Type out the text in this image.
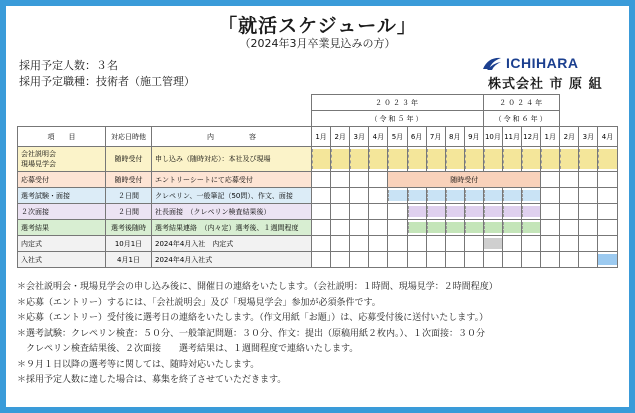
「就活スケジュール」
（2024年3月卒業見込みの方）
採用予定人数：３名
採用予定職種：技術者（施工管理）
ICHIHARA
株式会社 市 原 組
			２０２３年									２０２４年						
			（令和５年）									（令和６年）						
項　　目	対応日時他	内　　　　　容	1月	2月	3月	4月	5月	6月	7月	8月	9月	10月	11月	12月	1月	2月	3月	4月

会社説明会
現場見学会	随時受付	申し込み（随時対応）：本社及び現場	

応募受付	随時受付	エントリーシートにて応募受付					随時受付											

選考試験・面接	２日間	クレペリン、一般筆記（50問）、作文、面接					

２次面接	２日間	社長面接　（クレペリン検査結果後）						

選考結果	選考後随時	選考結果連絡　（内々定）選考後、１週間程度						

内定式	10月1日	2024年4月入社　内定式										

入社式	4月1日	2024年4月入社式																
＊会社説明会・現場見学会の申し込み後に、開催日の連絡をいたします。（会社説明：１時間、現場見学：２時間程度）
＊応募（エントリー）するには、「会社説明会」及び「現場見学会」参加が必須条件です。
＊応募（エントリー）受付後に選考日の連絡をいたします。（作文用紙「お題」）は、応募受付後に送付いたします。）
＊選考試験：クレペリン検査：５０分、一般筆記問題：３０分、作文：提出（原稿用紙２枚内。）、１次面接：３０分
　クレペリン検査結果後、２次面接　　選考結果は、１週間程度で連絡いたします。
＊９月１日以降の選考等に関しては、随時対応いたします。
＊採用予定人数に達した場合は、募集を終了させていただきます。
